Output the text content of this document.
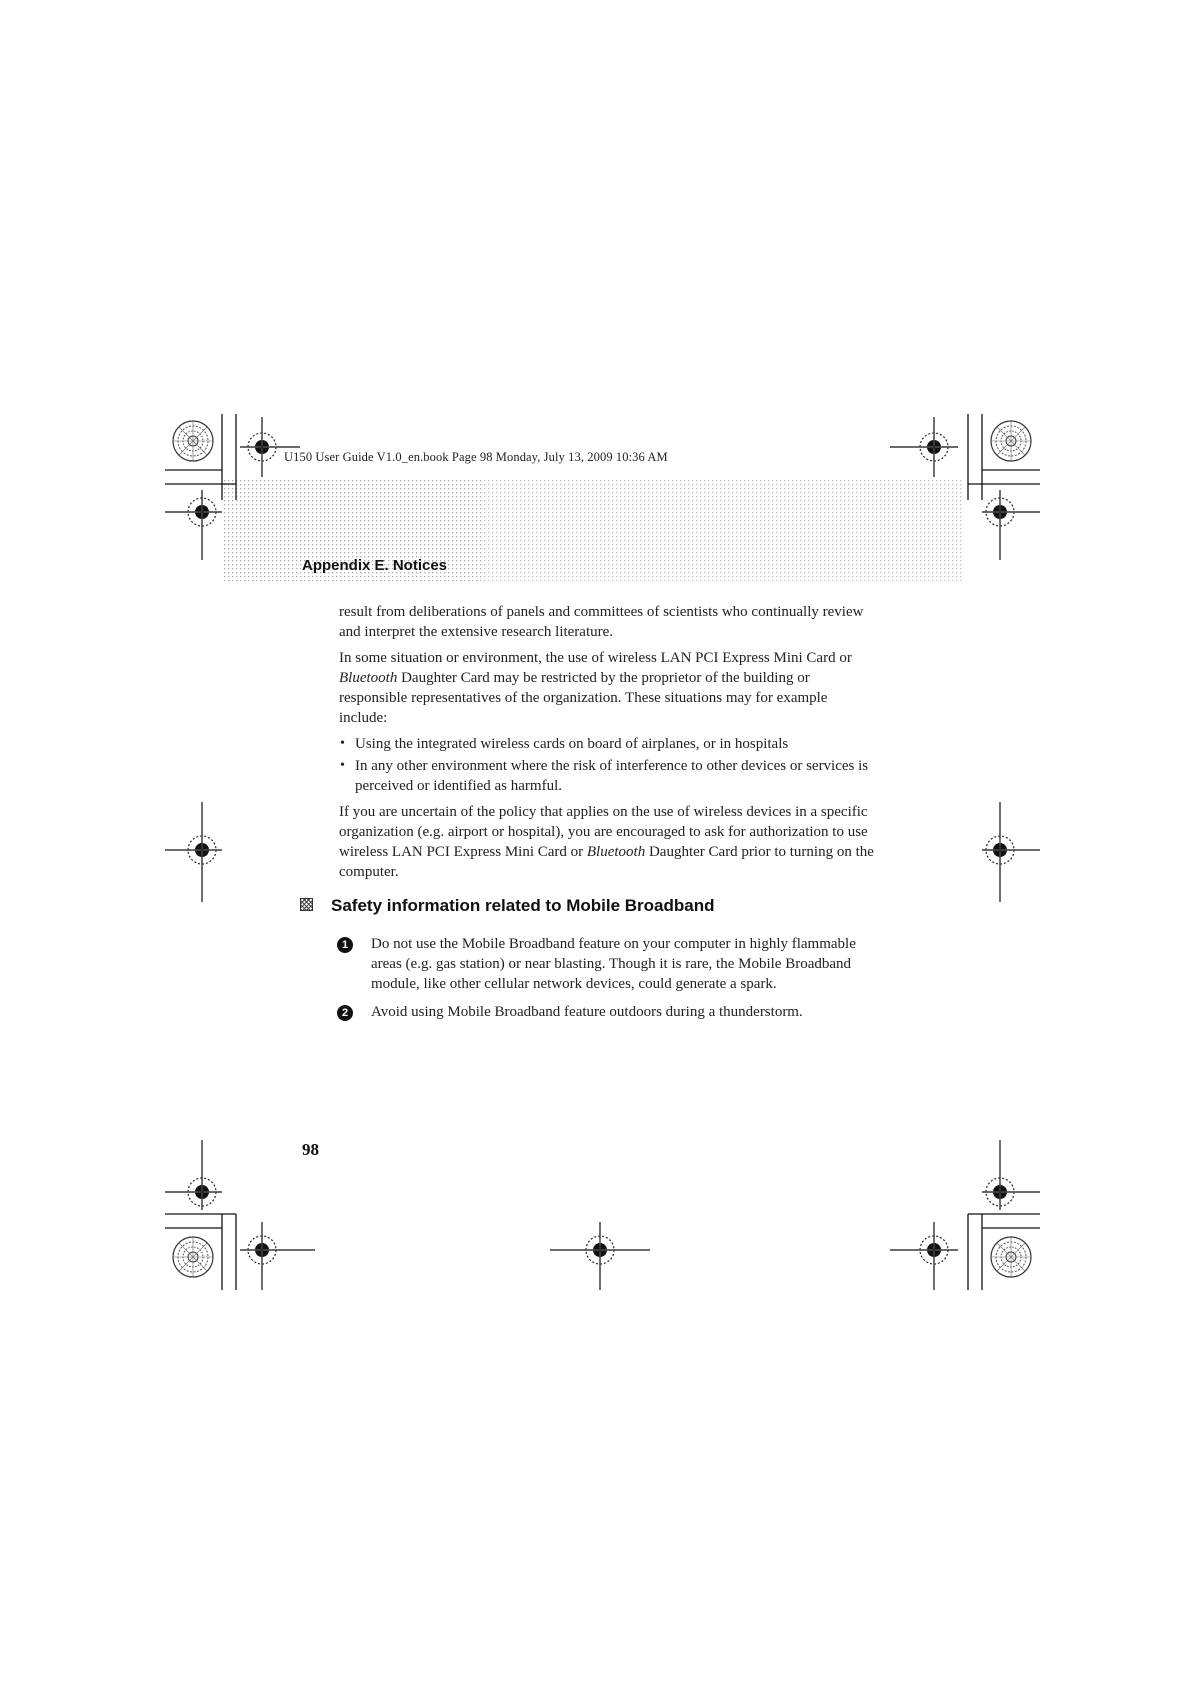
U150 User Guide V1.0_en.book Page 98 Monday, July 13, 2009 10:36 AM
Appendix E. Notices

result from deliberations of panels and committees of scientists who continually review and interpret the extensive research literature.

In some situation or environment, the use of wireless LAN PCI Express Mini Card or Bluetooth Daughter Card may be restricted by the proprietor of the building or responsible representatives of the organization. These situations may for example include:

• Using the integrated wireless cards on board of airplanes, or in hospitals
• In any other environment where the risk of interference to other devices or services is perceived or identified as harmful.

If you are uncertain of the policy that applies on the use of wireless devices in a specific organization (e.g. airport or hospital), you are encouraged to ask for authorization to use wireless LAN PCI Express Mini Card or Bluetooth Daughter Card prior to turning on the computer.

Safety information related to Mobile Broadband
1	Do not use the Mobile Broadband feature on your computer in highly flammable areas (e.g. gas station) or near blasting. Though it is rare, the Mobile Broadband module, like other cellular network devices, could generate a spark.
2	Avoid using Mobile Broadband feature outdoors during a thunderstorm.
98
